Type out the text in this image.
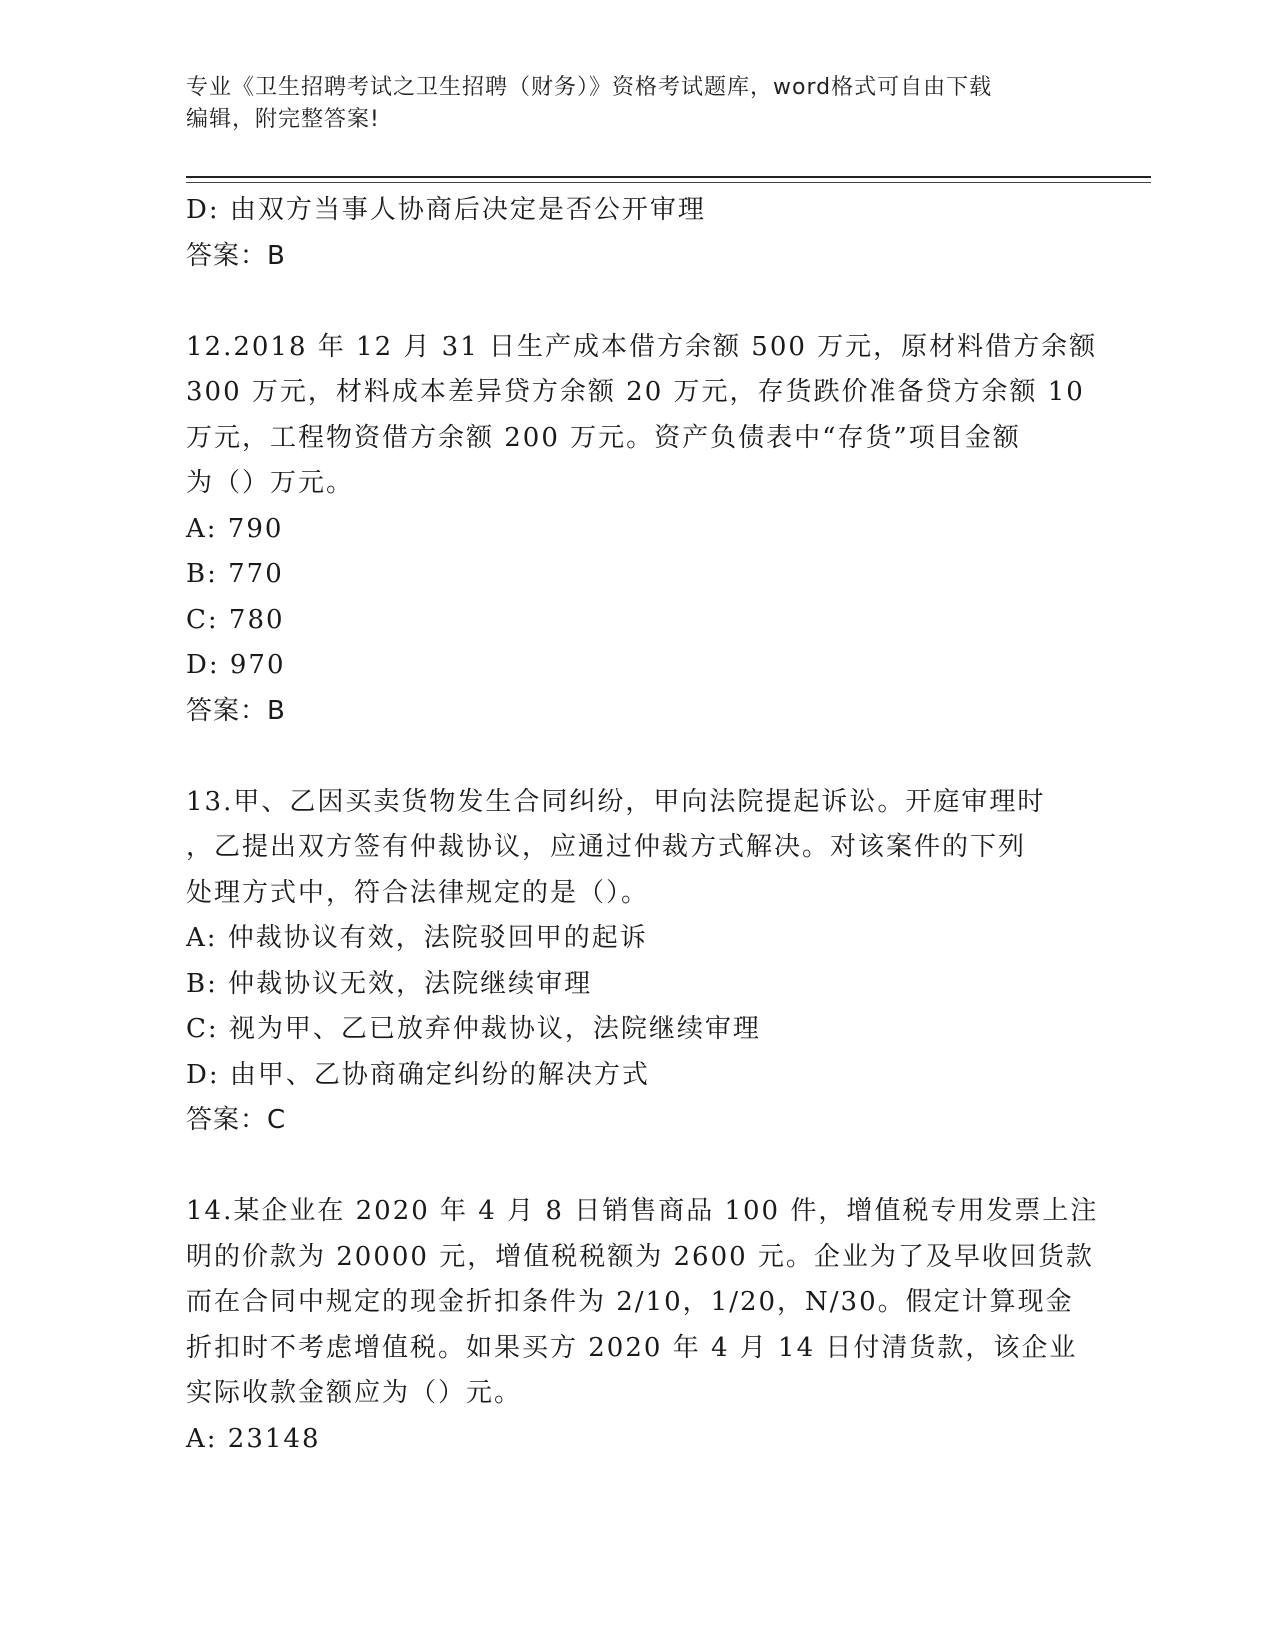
专业《卫生招聘考试之卫生招聘（财务）》资格考试题库，word格式可自由下载
编辑，附完整答案!
D: 由双方当事人协商后决定是否公开审理
答案：B
12.2018 年 12 月 31 日生产成本借方余额 500 万元，原材料借方余额
300 万元，材料成本差异贷方余额 20 万元，存货跌价准备贷方余额 10
万元，工程物资借方余额 200 万元。资产负债表中“存货”项目金额
为（）万元。
A: 790
B: 770
C: 780
D: 970
答案：B
13.甲、乙因买卖货物发生合同纠纷，甲向法院提起诉讼。开庭审理时
，乙提出双方签有仲裁协议，应通过仲裁方式解决。对该案件的下列
处理方式中，符合法律规定的是（）。
A: 仲裁协议有效，法院驳回甲的起诉
B: 仲裁协议无效，法院继续审理
C: 视为甲、乙已放弃仲裁协议，法院继续审理
D: 由甲、乙协商确定纠纷的解决方式
答案：C
14.某企业在 2020 年 4 月 8 日销售商品 100 件，增值税专用发票上注
明的价款为 20000 元，增值税税额为 2600 元。企业为了及早收回货款
而在合同中规定的现金折扣条件为 2/10，1/20，N/30。假定计算现金
折扣时不考虑增值税。如果买方 2020 年 4 月 14 日付清货款，该企业
实际收款金额应为（）元。
A: 23148
